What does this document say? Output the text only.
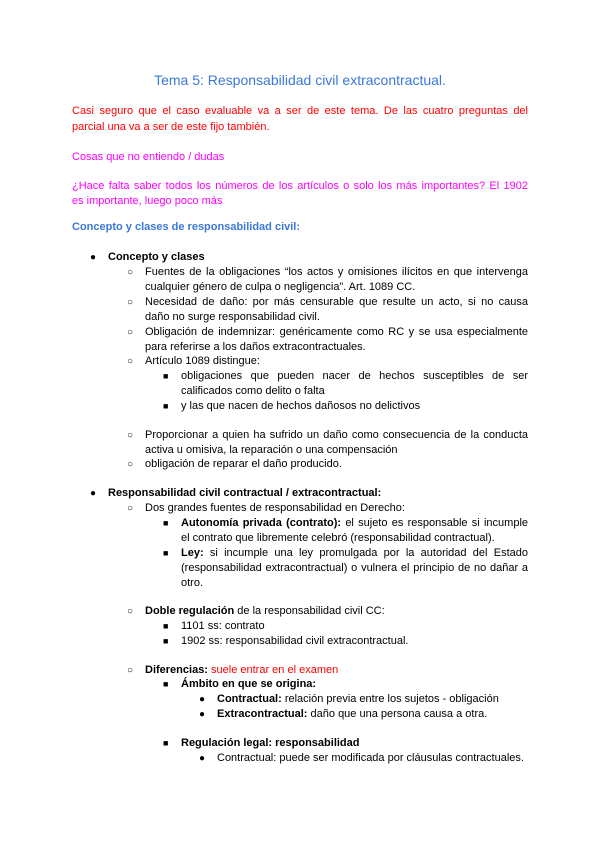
Tema 5: Responsabilidad civil extracontractual.
Casi seguro que el caso evaluable va a ser de este tema. De las cuatro preguntas del
parcial una va a ser de este fijo también.
Cosas que no entiendo / dudas
¿Hace falta saber todos los números de los artículos o solo los más importantes? El 1902
es importante, luego poco más
Concepto y clases de responsabilidad civil:
● Concepto y clases
○ Fuentes de la obligaciones “los actos y omisiones ilícitos en que intervenga
cualquier género de culpa o negligencia”. Art. 1089 CC.
○ Necesidad de daño: por más censurable que resulte un acto, si no causa
daño no surge responsabilidad civil.
○ Obligación de indemnizar: genéricamente como RC y se usa especialmente
para referirse a los daños extracontractuales.
○ Artículo 1089 distingue:
■ obligaciones que pueden nacer de hechos susceptibles de ser
calificados como delito o falta
■ y las que nacen de hechos dañosos no delictivos
○ Proporcionar a quien ha sufrido un daño como consecuencia de la conducta
activa u omisiva, la reparación o una compensación
○ obligación de reparar el daño producido.
● Responsabilidad civil contractual / extracontractual:
○ Dos grandes fuentes de responsabilidad en Derecho:
■ Autonomía privada (contrato): el sujeto es responsable si incumple
el contrato que libremente celebró (responsabilidad contractual).
■ Ley: si incumple una ley promulgada por la autoridad del Estado
(responsabilidad extracontractual) o vulnera el principio de no dañar a
otro.
○ Doble regulación de la responsabilidad civil CC:
■ 1101 ss: contrato
■ 1902 ss: responsabilidad civil extracontractual.
○ Diferencias: suele entrar en el examen
■ Ámbito en que se origina:
● Contractual: relación previa entre los sujetos - obligación
● Extracontractual: daño que una persona causa a otra.
■ Regulación legal: responsabilidad
● Contractual: puede ser modificada por cláusulas contractuales.
